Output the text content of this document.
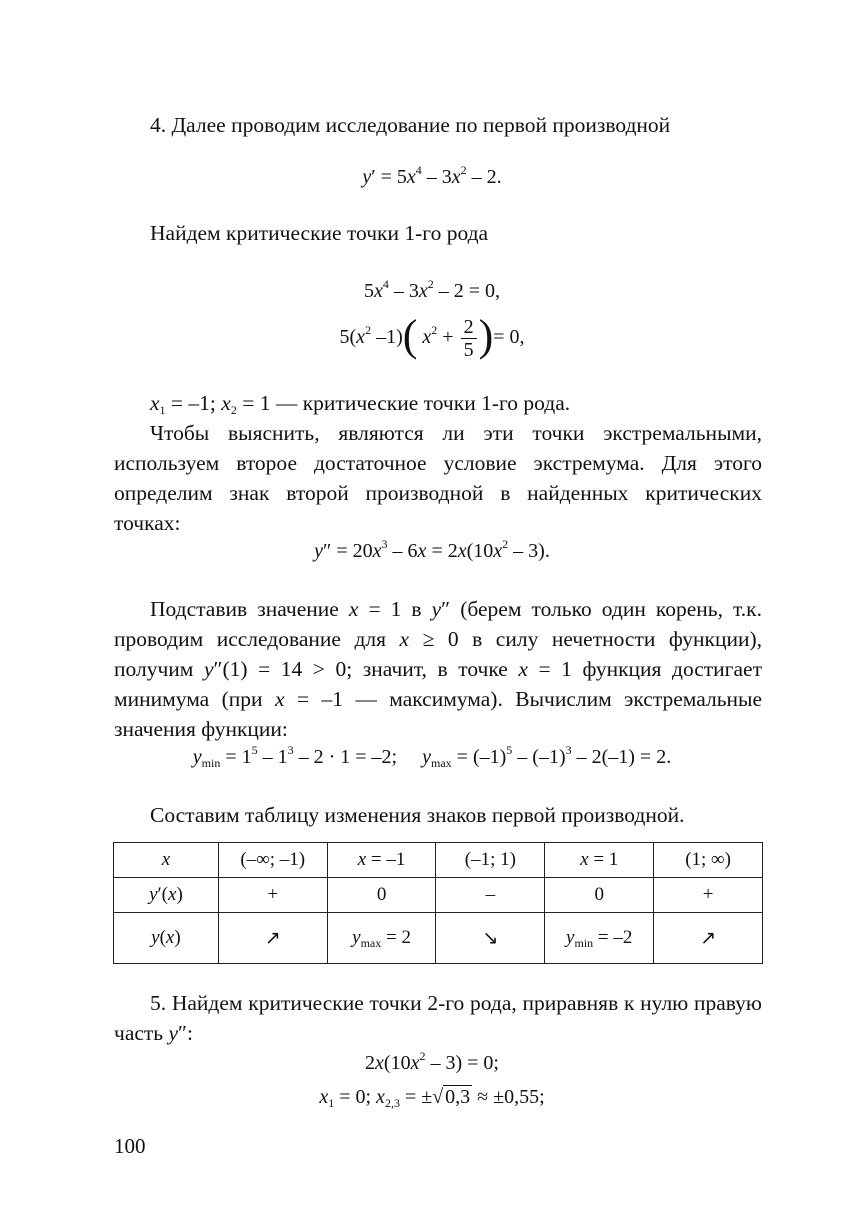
4. Далее проводим исследование по первой производной
$y' = 5x^4 - 3x^2 - 2$.
Найдем критические точки 1-го рода
$5x^4 - 3x^2 - 2 = 0$,
$5(x^2$ –1)( $x^2 + \frac{2}{5}$ )= 0,
$x_1 = -1$; $x_2 = 1$ — критические точки 1-го рода.
Чтобы выяснить, являются ли эти точки экстремальными, используем второе достаточное условие экстремума. Для этого определим знак второй производной в найденных критических точках:
$y'' = 20x^3 - 6x = 2x(10x^2 - 3)$.
Подставив значение x = 1 в y″ (берем только один корень, т.к. проводим исследование для x ≥ 0 в силу нечетности функции), получим y″(1) = 14 > 0; значит, в точке x = 1 функция достигает минимума (при x = –1 — максимума). Вычислим экстремальные значения функции:
$y_{min} = 1^5 - 1^3 - 2 \cdot 1 = -2$;     $y_{max} = (-1)^5 - (-1)^3 - 2(-1) = 2$.
Составим таблицу изменения знаков первой производной.
x	(–∞; –1)	x = –1	(–1; 1)	x = 1	(1; ∞)
y′(x)	+	0	–	0	+
y(x)	↗	$y_{max} = 2$	↘	$y_{min} = -2$	↗
5. Найдем критические точки 2-го рода, приравняв к нулю правую часть y″:
$2x(10x^2 - 3) = 0$;
$x_1 = 0$; $x_{2,3}$ = ±√ 0,3 ≈ ±0,55;
100
